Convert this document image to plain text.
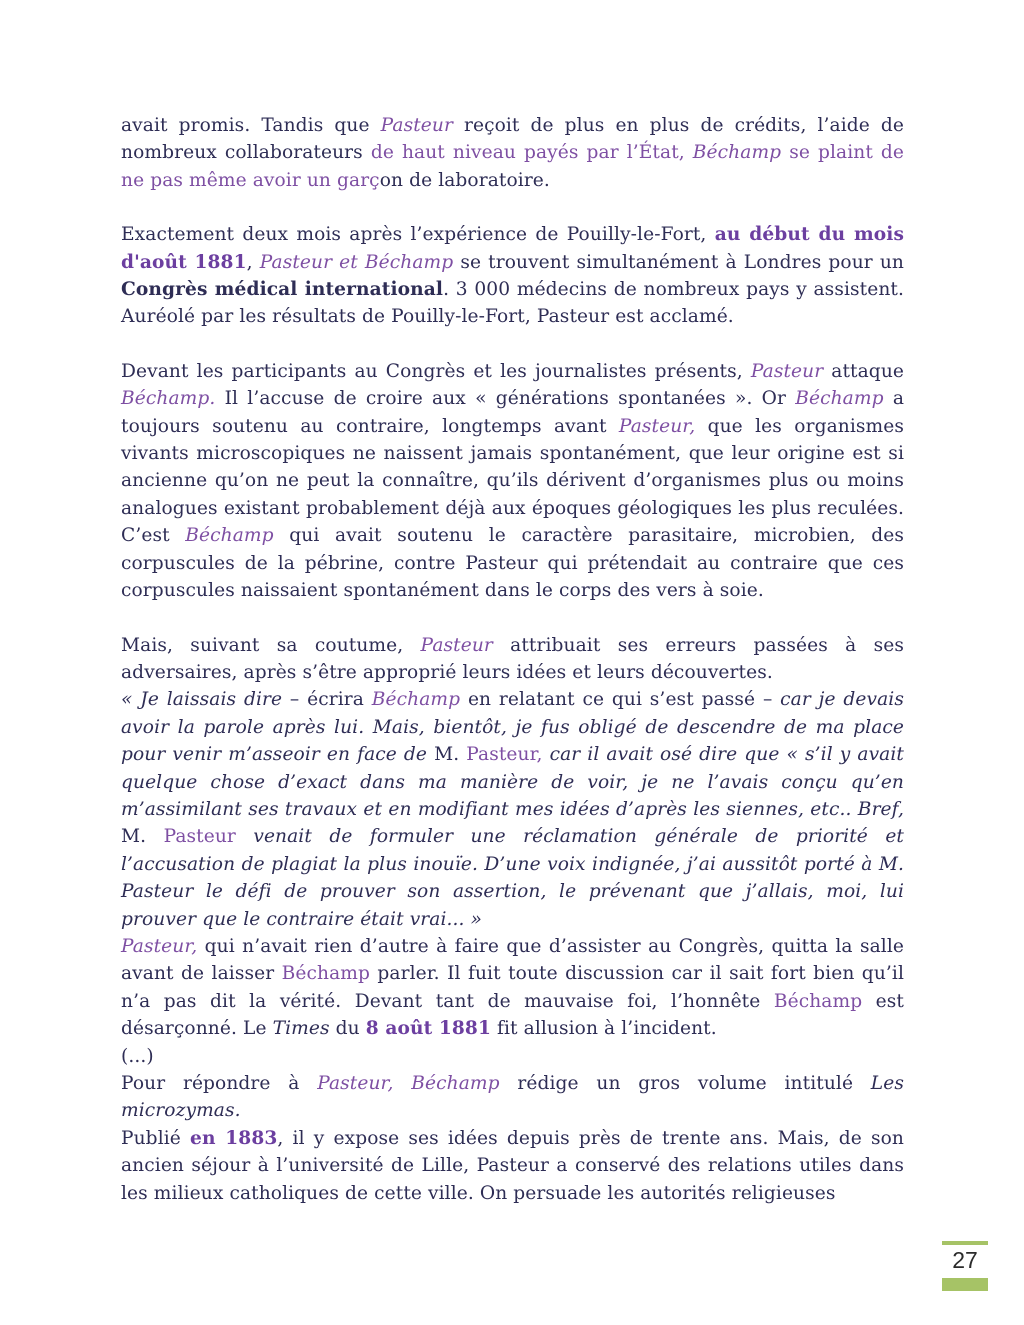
avait promis. Tandis que Pasteur reçoit de plus en plus de crédits, l’aide de nombreux collaborateurs de haut niveau payés par l’État, Béchamp se plaint de ne pas même avoir un garçon de laboratoire.

Exactement deux mois après l’expérience de Pouilly-le-Fort, au début du mois d'août 1881, Pasteur et Béchamp se trouvent simultanément à Londres pour un Congrès médical international. 3 000 médecins de nombreux pays y assistent. Auréolé par les résultats de Pouilly-le-Fort, Pasteur est acclamé.

Devant les participants au Congrès et les journalistes présents, Pasteur attaque Béchamp. Il l’accuse de croire aux « générations spontanées ». Or Béchamp a toujours soutenu au contraire, longtemps avant Pasteur, que les organismes vivants microscopiques ne naissent jamais spontanément, que leur origine est si ancienne qu’on ne peut la connaître, qu’ils dérivent d’organismes plus ou moins analogues existant probablement déjà aux époques géologiques les plus reculées. C’est Béchamp qui avait soutenu le caractère parasitaire, microbien, des corpuscules de la pébrine, contre Pasteur qui prétendait au contraire que ces corpuscules naissaient spontanément dans le corps des vers à soie.

Mais, suivant sa coutume, Pasteur attribuait ses erreurs passées à ses adversaires, après s’être approprié leurs idées et leurs découvertes.

« Je laissais dire – écrira Béchamp en relatant ce qui s’est passé – car je devais avoir la parole après lui. Mais, bientôt, je fus obligé de descendre de ma place pour venir m’asseoir en face de M. Pasteur, car il avait osé dire que « s’il y avait quelque chose d’exact dans ma manière de voir, je ne l’avais conçu qu’en m’assimilant ses travaux et en modifiant mes idées d’après les siennes, etc.. Bref, M. Pasteur venait de formuler une réclamation générale de priorité et l’accusation de plagiat la plus inouïe. D’une voix indignée, j’ai aussitôt porté à M. Pasteur le défi de prouver son assertion, le prévenant que j’allais, moi, lui prouver que le contraire était vrai... »

Pasteur, qui n’avait rien d’autre à faire que d’assister au Congrès, quitta la salle avant de laisser Béchamp parler. Il fuit toute discussion car il sait fort bien qu’il n’a pas dit la vérité. Devant tant de mauvaise foi, l’honnête Béchamp est désarçonné. Le Times du 8 août 1881 fit allusion à l’incident.

(...)

Pour répondre à Pasteur, Béchamp rédige un gros volume intitulé Les microzymas.

Publié en 1883, il y expose ses idées depuis près de trente ans. Mais, de son ancien séjour à l’université de Lille, Pasteur a conservé des relations utiles dans les milieux catholiques de cette ville. On persuade les autorités religieuses

27
